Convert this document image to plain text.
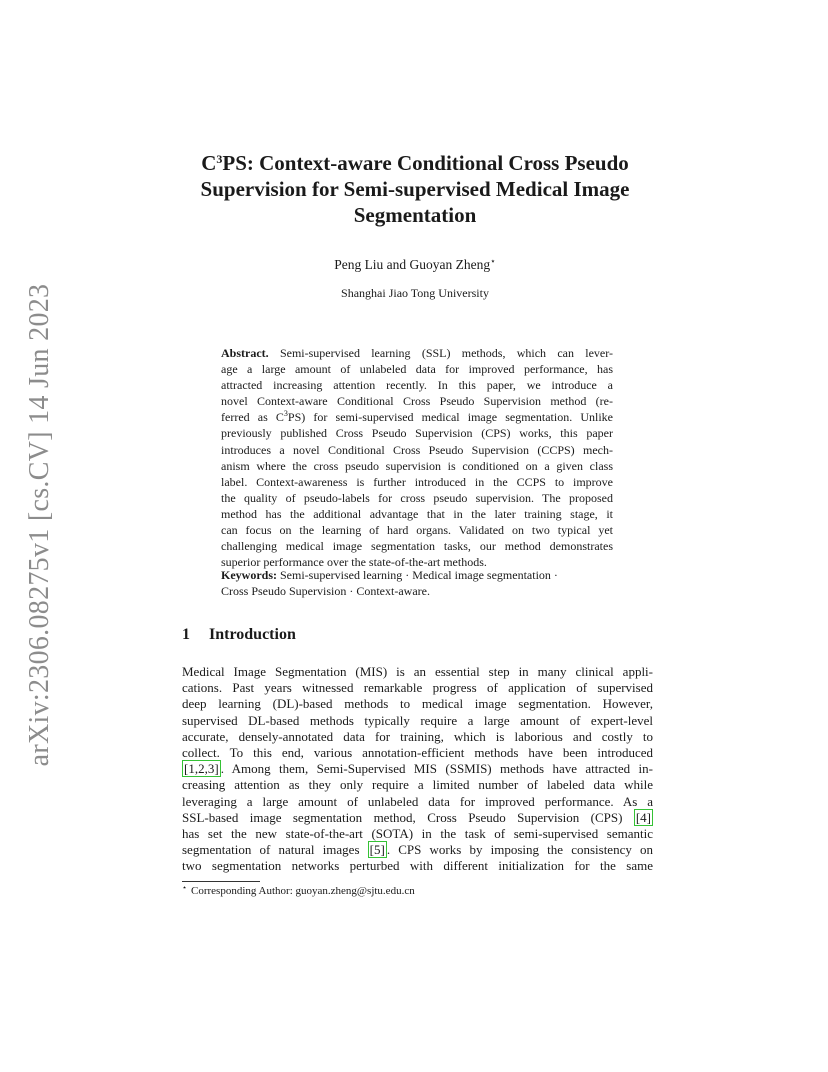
arXiv:2306.08275v1 [cs.CV] 14 Jun 2023
$C^3PS$: Context-aware Conditional Cross Pseudo
Supervision for Semi-supervised Medical Image
Segmentation
Peng Liu and Guoyan Zheng⋆
Shanghai Jiao Tong University
Abstract. Semi-supervised learning (SSL) methods, which can lever-
age a large amount of unlabeled data for improved performance, has
attracted increasing attention recently. In this paper, we introduce a
novel Context-aware Conditional Cross Pseudo Supervision method (re-
ferred as $C^3PS$) for semi-supervised medical image segmentation. Unlike
previously published Cross Pseudo Supervision (CPS) works, this paper
introduces a novel Conditional Cross Pseudo Supervision (CCPS) mech-
anism where the cross pseudo supervision is conditioned on a given class
label. Context-awareness is further introduced in the CCPS to improve
the quality of pseudo-labels for cross pseudo supervision. The proposed
method has the additional advantage that in the later training stage, it
can focus on the learning of hard organs. Validated on two typical yet
challenging medical image segmentation tasks, our method demonstrates
superior performance over the state-of-the-art methods.
Keywords: Semi-supervised learning · Medical image segmentation ·
Cross Pseudo Supervision · Context-aware.
1 Introduction
Medical Image Segmentation (MIS) is an essential step in many clinical appli-
cations. Past years witnessed remarkable progress of application of supervised
deep learning (DL)-based methods to medical image segmentation. However,
supervised DL-based methods typically require a large amount of expert-level
accurate, densely-annotated data for training, which is laborious and costly to
collect. To this end, various annotation-efficient methods have been introduced
[1,2,3] . Among them, Semi-Supervised MIS (SSMIS) methods have attracted in-
creasing attention as they only require a limited number of labeled data while
leveraging a large amount of unlabeled data for improved performance. As a
SSL-based image segmentation method, Cross Pseudo Supervision (CPS) [4]
has set the new state-of-the-art (SOTA) in the task of semi-supervised semantic
segmentation of natural images [5] . CPS works by imposing the consistency on
two segmentation networks perturbed with different initialization for the same
⋆ Corresponding Author: guoyan.zheng@sjtu.edu.cn
